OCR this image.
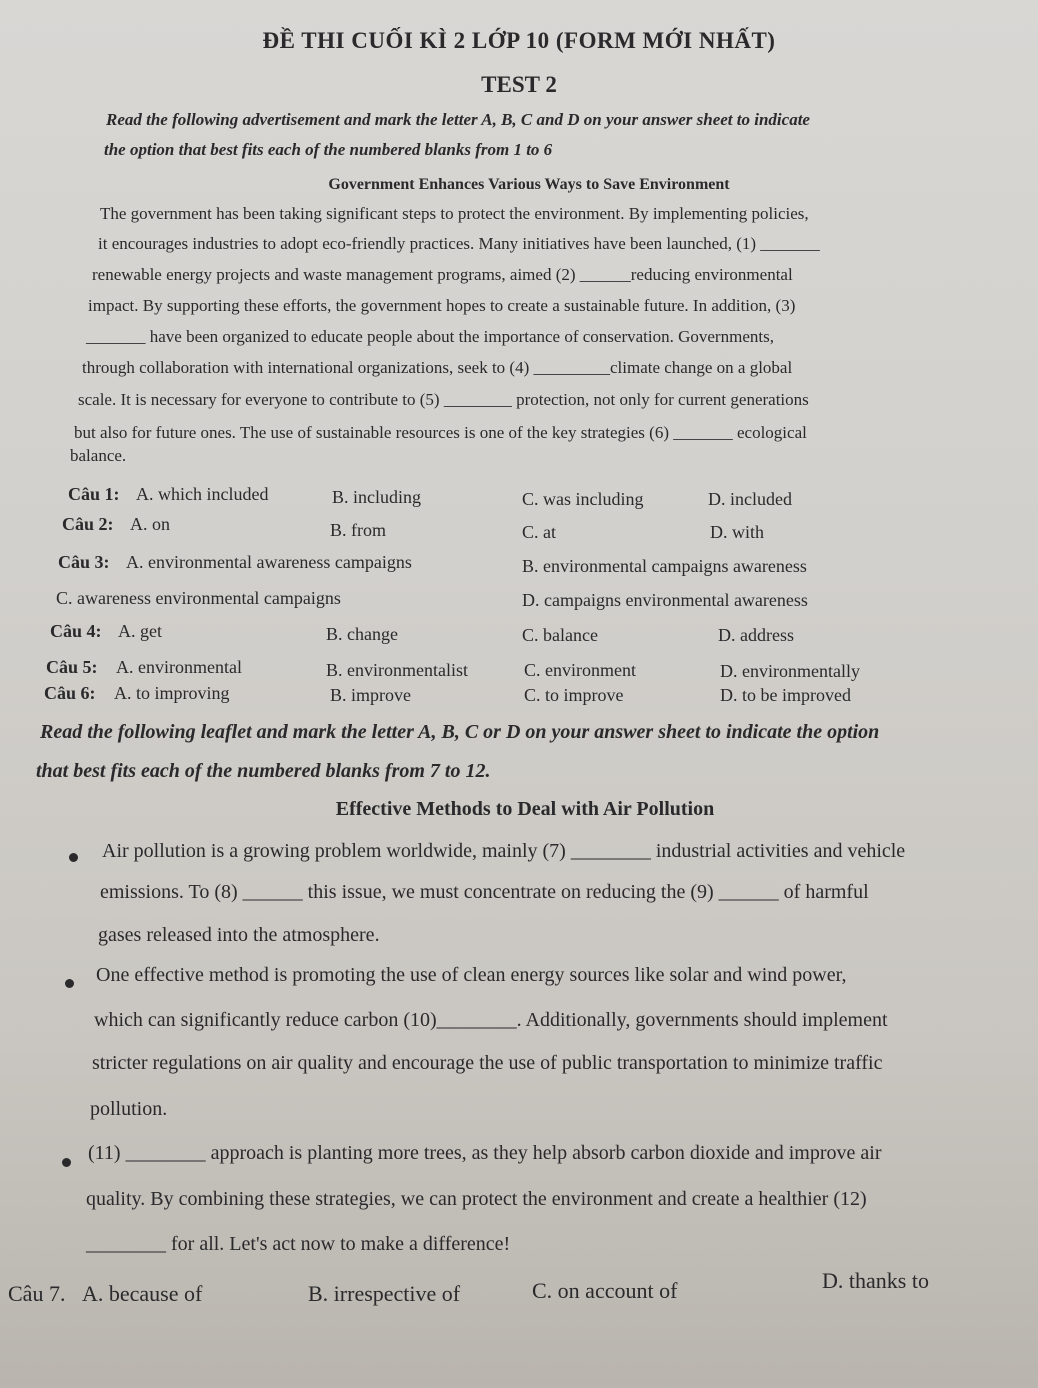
ĐỀ THI CUỐI KÌ 2 LỚP 10 (FORM MỚI NHẤT)
TEST 2
Read the following advertisement and mark the letter A, B, C and D on your answer sheet to indicate
the option that best fits each of the numbered blanks from 1 to 6
Government Enhances Various Ways to Save Environment
The government has been taking significant steps to protect the environment. By implementing policies,
it encourages industries to adopt eco-friendly practices. Many initiatives have been launched, (1) _______
renewable energy projects and waste management programs, aimed (2) ______reducing environmental
impact. By supporting these efforts, the government hopes to create a sustainable future. In addition, (3)
_______ have been organized to educate people about the importance of conservation. Governments,
through collaboration with international organizations, seek to (4) _________climate change on a global
scale. It is necessary for everyone to contribute to (5) ________ protection, not only for current generations
but also for future ones. The use of sustainable resources is one of the key strategies (6) _______ ecological
balance.
Câu 1: A. which included	B. including	C. was including	D. included
Câu 2: A. on	B. from	C. at	D. with
Câu 3: A. environmental awareness campaigns	B. environmental campaigns awareness
C. awareness environmental campaigns	D. campaigns environmental awareness
Câu 4: A. get	B. change	C. balance	D. address
Câu 5: A. environmental	B. environmentalist	C. environment	D. environmentally
Câu 6: A. to improving	B. improve	C. to improve	D. to be improved
Read the following leaflet and mark the letter A, B, C or D on your answer sheet to indicate the option
that best fits each of the numbered blanks from 7 to 12.
Effective Methods to Deal with Air Pollution
Air pollution is a growing problem worldwide, mainly (7) ________ industrial activities and vehicle
emissions. To (8) ______ this issue, we must concentrate on reducing the (9) ______ of harmful
gases released into the atmosphere.
One effective method is promoting the use of clean energy sources like solar and wind power,
which can significantly reduce carbon (10)________. Additionally, governments should implement
stricter regulations on air quality and encourage the use of public transportation to minimize traffic
pollution.
(11) ________ approach is planting more trees, as they help absorb carbon dioxide and improve air
quality. By combining these strategies, we can protect the environment and create a healthier (12)
________ for all. Let's act now to make a difference!
Câu 7. A. because of	B. irrespective of	C. on account of	D. thanks to
